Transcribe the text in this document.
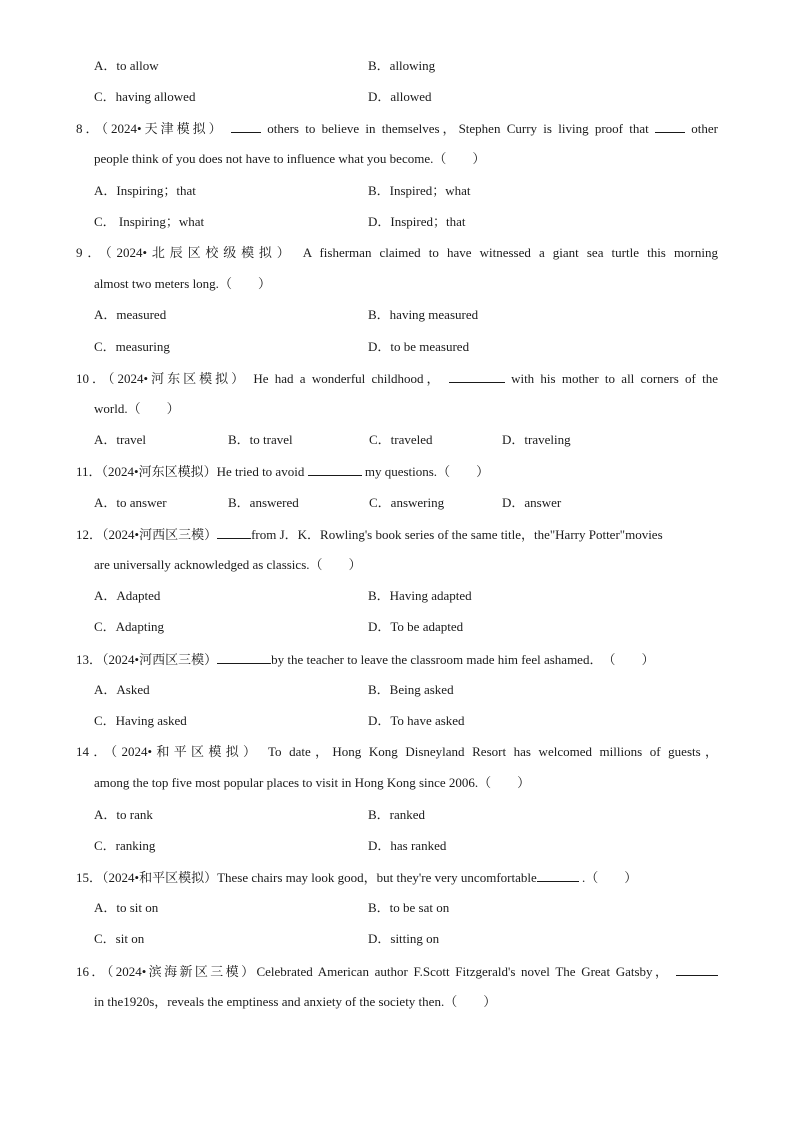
A．to allow	B．allowing
C．having allowed	D．allowed
8．（2024•天津模拟）	others to believe in themselves，Stephen Curry is living proof that	other
people think of you does not have to influence what you become.（　　）
A．Inspiring；that	B．Inspired；what
C． Inspiring；what	D．Inspired；that
9．（2024•北辰区校级模拟） A fisherman claimed to have witnessed a giant sea turtle this morning
almost two meters long.（　　）
A．measured	B．having measured
C．measuring	D．to be measured
10．（2024•河东区模拟） He had a wonderful childhood，	with his mother to all corners of the
world.（　　）
A．travel	B．to travel	C．traveled	D．traveling
11．（2024•河东区模拟）He tried to avoid	my questions.（　　）
A．to answer	B．answered	C．answering	D．answer
12．（2024•河西区三模）	from J．K．Rowling's book series of the same title，the"Harry Potter"movies
are universally acknowledged as classics.（　　）
A．Adapted	B．Having adapted
C．Adapting	D．To be adapted
13．（2024•河西区三模）	by the teacher to leave the classroom made him feel ashamed．（　　）
A．Asked	B．Being asked
C．Having asked	D．To have asked
14．（2024•和平区模拟） To date，Hong Kong Disneyland Resort has welcomed millions of guests，
among the top five most popular places to visit in Hong Kong since 2006.（　　）
A．to rank	B．ranked
C．ranking	D．has ranked
15．（2024•和平区模拟）These chairs may look good，but they're very uncomfortable	.（　　）
A．to sit on	B．to be sat on
C．sit on	D．sitting on
16．（2024•滨海新区三模）Celebrated American author F.Scott Fitzgerald's novel The Great Gatsby，
in the1920s，reveals the emptiness and anxiety of the society then.（　　）
